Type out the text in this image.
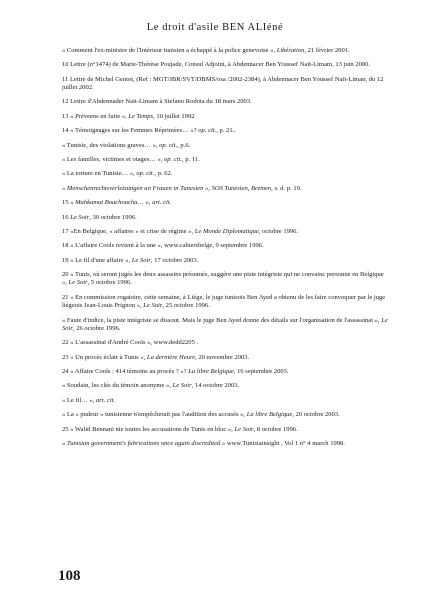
Le droit d'asile BEN ALIéné

« Comment l'ex-ministre de l'Intérieur tunisien a échappé à la police genevoise », Libération, 21 février 2001.

10 Lettre (n°1474) de Marie-Thérèse Poujade, Consul Adjoint, à Abdennacer Ben Youssef Nait-Limam, 13 juin 2000.

11 Lettre de Michel Gentot, (Ref : MGT/JBR/SVT/DBMS/osa /2002-2384), à Abdennacer Ben Youssef Nait-Liman, du 12 juillet 2002.

12 Lettre d'Abdennader Nait-Limam à Stefano Rodota du 18 mars 2003.

13 « Préveens en fuite », Le Temps, 10 juillet 1992

14 « Témoignages sur les Femmes Réprimées… »? op. cit., p. 21..

« Tunisie, des violations graves… », op. cit., p.6.

« Les familles, victimes et otages… », op. cit., p. 11.

« La torture en Tunisie… », op. cit., p. 62.

« Menschenrechtsverletzungen an Frauen in Tunesien », SOS Tunesien, Bremen, s. d. p. 19.

15 « Mahkamat Bouchoucha… », art. cit.

16 Le Soir, 30 octobre 1996.

17 «En Belgique, « affaires » et crise de régime », Le Monde Diplomatique, octobre 1996.

18 « L'affaire Cools revient à la une », www.cahiersbelge, 9 septembre 1996.

19 « Le fil d'une affaire », Le Soir, 17 octobre 2003.

20 « Tunis, où seront jugés les deux assassins présumés, suggère une piste intégriste qui ne convainc personne en Belgique », Le Soir, 5 octobre 1996.

21 « En commission rogatoire, cette semaine, à Liège, le juge tunisois Ben Ayed a obtenu de les faire convoquer par le juge liégeois Jean-Louis Prignon », Le Soir, 25 octobre 1996.

« Faute d'indice, la piste intégriste se dissout. Mais le juge Ben Ayed donne des détails sur l'organisation de l'assassinat », Le Soir, 26 octobre 1996.

22 « L'assassinat d'André Cools », www.dedd2205 .

23 « Un procès éclair à Tunis », La dernière Heure, 20 novembre 2003.

24 « Affaire Cools : 414 témoins au procès ? »? La libre Belgique, 16 septembre 2003.

« Soudain, les clés du témoin anonyme », Le Soir, 14 octobre 2003.

« Le fil… », art. cit.

« La « pudeur » tunisienne n'empêcherait pas l'audition des accusés », La libre Belgique, 20 octobre 2003.

25 « Walid Bennani nie toutes les accusations de Tunis en bloc », Le Soir, 8 octobre 1996.

« Tunisian government's fabrications once again discredited » www.Tunisiainsight , Vol 1 n° 4 march 1998.

108
